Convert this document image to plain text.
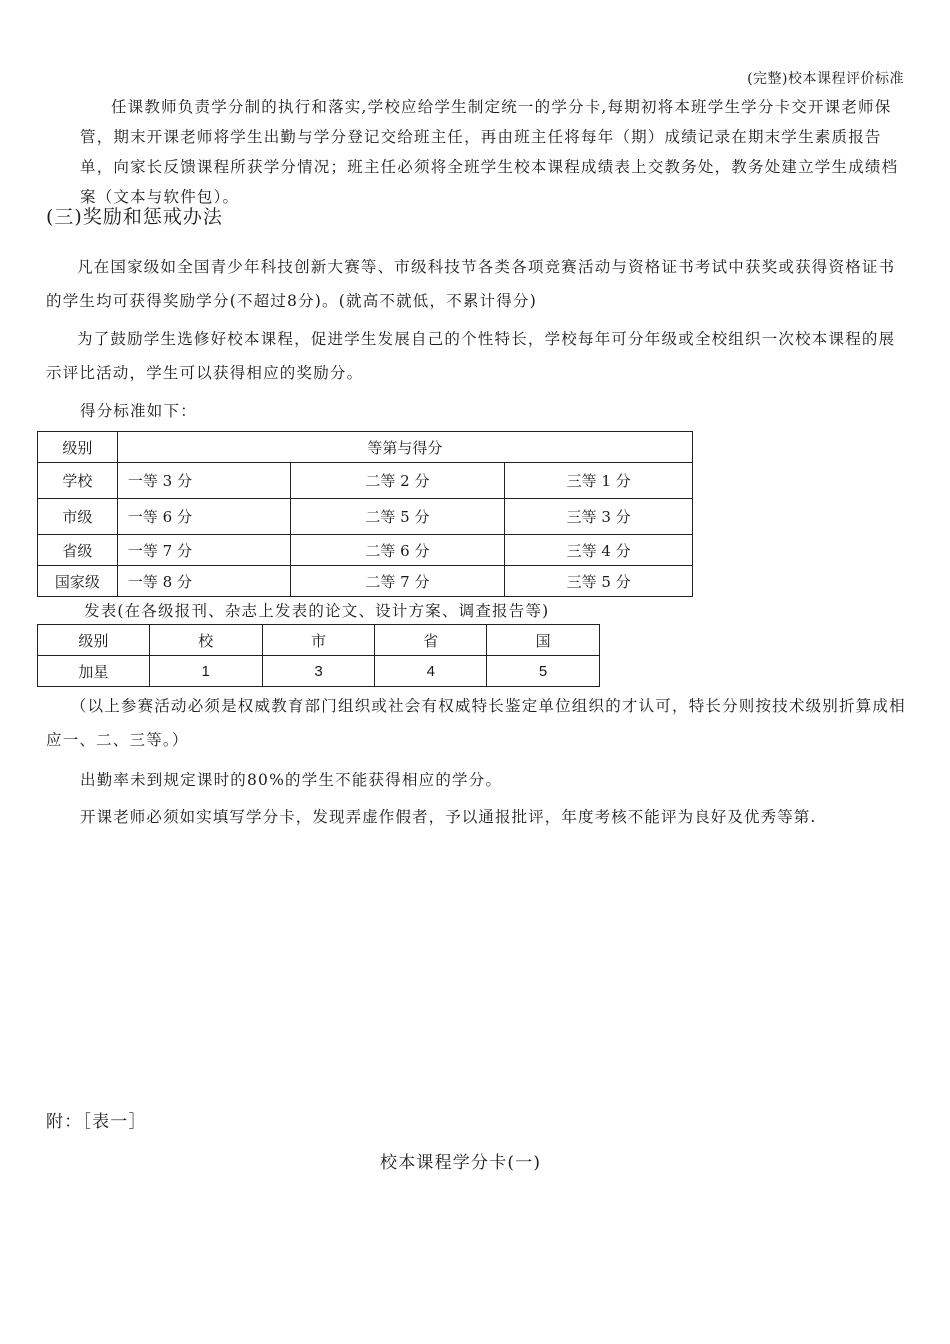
(完整)校本课程评价标准

任课教师负责学分制的执行和落实,学校应给学生制定统一的学分卡,每期初将本班学生学分卡交开课老师保管，期末开课老师将学生出勤与学分登记交给班主任，再由班主任将每年（期）成绩记录在期末学生素质报告单，向家长反馈课程所获学分情况；班主任必须将全班学生校本课程成绩表上交教务处，教务处建立学生成绩档案（文本与软件包）。

(三)奖励和惩戒办法

凡在国家级如全国青少年科技创新大赛等、市级科技节各类各项竞赛活动与资格证书考试中获奖或获得资格证书的学生均可获得奖励学分(不超过8分)。(就高不就低，不累计得分)

为了鼓励学生选修好校本课程，促进学生发展自己的个性特长，学校每年可分年级或全校组织一次校本课程的展示评比活动，学生可以获得相应的奖励分。

得分标准如下：
级别	等第与得分		
学校	一等 3 分	二等 2 分	三等 1 分
市级	一等 6 分	二等 5 分	三等 3 分
省级	一等 7 分	二等 6 分	三等 4 分
国家级	一等 8 分	二等 7 分	三等 5 分
发表(在各级报刊、杂志上发表的论文、设计方案、调查报告等)
级别	校	市	省	国
加星	1	3	4	5

（以上参赛活动必须是权威教育部门组织或社会有权威特长鉴定单位组织的才认可，特长分则按技术级别折算成相应一、二、三等。）

出勤率未到规定课时的80%的学生不能获得相应的学分。
开课老师必须如实填写学分卡，发现弄虚作假者，予以通报批评，年度考核不能评为良好及优秀等第.
附：［表一］
校本课程学分卡(一)
